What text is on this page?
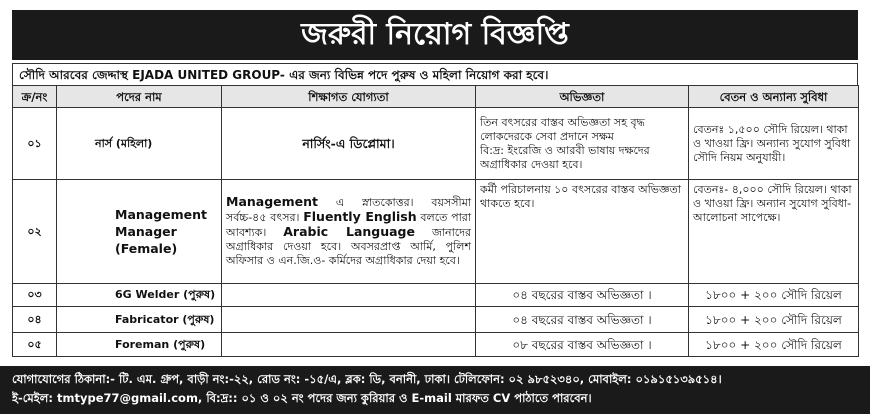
জরুরী নিয়োগ বিজ্ঞপ্তি
সৌদি আরবের জেদ্দাস্থ EJADA UNITED GROUP- এর জন্য বিভিন্ন পদে পুরুষ ও মহিলা নিয়োগ করা হবে।
ক্র/নং	পদের নাম	শিক্ষাগত যোগ্যতা	অভিজ্ঞতা	বেতন ও অন্যান্য সুবিধা
০১	নার্স (মহিলা)	নার্সিং-এ ডিপ্লোমা।	তিন বৎসরের বাস্তব অভিজ্ঞতা সহ বৃদ্ধ লোকদেরকে সেবা প্রদানে সক্ষম
বি:দ্র: ইংরেজি ও আরবী ভাষায় দক্ষদের অগ্রাধিকার দেওয়া হবে।	বেতনঃ ১,৫০০ সৌদি রিয়েল। থাকা ও খাওয়া ফ্রি। অন্যান্য সুযোগ সুবিধা সৌদি নিয়ম অনুযায়ী।
০২	Management Manager (Female)	Management এ স্নাতকোত্তর। বয়সসীমা সর্বচ্চ-৪৫ বৎসর। Fluently English বলতে পারা আবশ্যক। Arabic Language জানাদের অগ্রাধিকার দেওয়া হবে। অবসরপ্রাপ্ত আর্মি, পুলিশ অফিসার ও এন.জি.ও- কর্মিদের অগ্রাধিকার দেয়া হবে।	কর্মী পরিচালনায় ১০ বৎসরের বাস্তব অভিজ্ঞতা থাকতে হবে।	বেতনঃ- ৪,০০০ সৌদি রিয়েল। থাকা ও খাওয়া ফ্রি। অন্যান সুযোগ সুবিধা-আলোচনা সাপেক্ষে।
০৩	6G Welder (পুরুষ)		০৪ বছরের বাস্তব অভিজ্ঞতা ।	১৮০০ + ২০০ সৌদি রিয়েল
০৪	Fabricator (পুরুষ)		০৪ বছরের বাস্তব অভিজ্ঞতা ।	১৮০০ + ২০০ সৌদি রিয়েল
০৫	Foreman (পুরুষ)		০৮ বছরের বাস্তব অভিজ্ঞতা ।	১৮০০ + ২০০ সৌদি রিয়েল
যোগাযোগের ঠিকানা:- টি. এম. গ্রুপ, বাড়ী নং:-২২, রোড নং: -১৫/এ, ব্লক: ডি, বনানী, ঢাকা। টেলিফোন: ০২ ৯৮৫২৩৪০, মোবাইল: ০১৯১৫১৩৯৫১৪।
ই-মেইল: tmtype77@gmail.com, বি:দ্র:: ০১ ও ০২ নং পদের জন্য কুরিয়ার ও E-mail মারফত CV পাঠাতে পারবেন।
